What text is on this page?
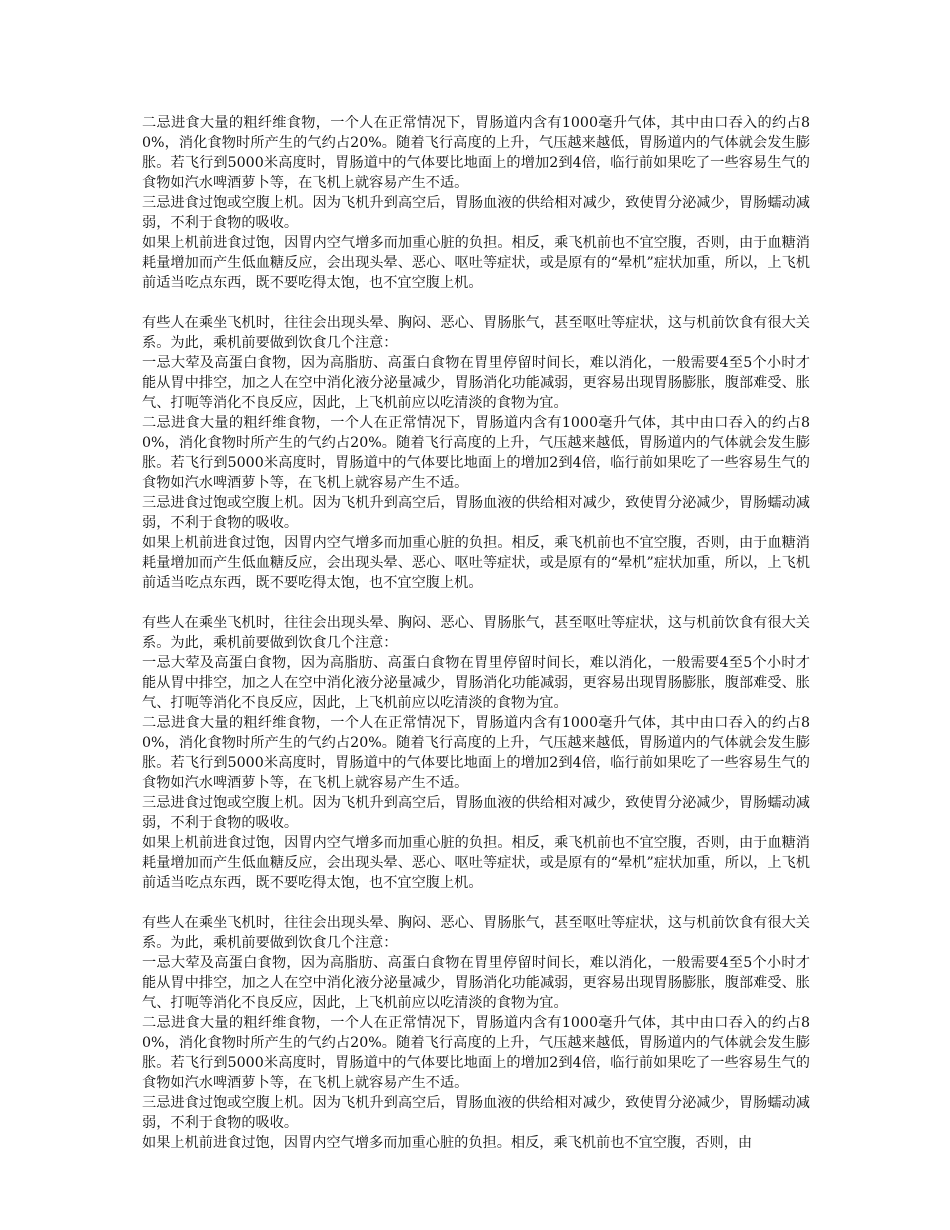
二忌进食大量的粗纤维食物，一个人在正常情况下，胃肠道内含有1000毫升气体，其中由口吞入的约占80%，消化食物时所产生的气约占20%。随着飞行高度的上升，气压越来越低，胃肠道内的气体就会发生膨胀。若飞行到5000米高度时，胃肠道中的气体要比地面上的增加2到4倍，临行前如果吃了一些容易生气的食物如汽水啤酒萝卜等，在飞机上就容易产生不适。

三忌进食过饱或空腹上机。因为飞机升到高空后，胃肠血液的供给相对减少，致使胃分泌减少，胃肠蠕动减弱，不利于食物的吸收。

如果上机前进食过饱，因胃内空气增多而加重心脏的负担。相反，乘飞机前也不宜空腹，否则，由于血糖消耗量增加而产生低血糖反应，会出现头晕、恶心、呕吐等症状，或是原有的“晕机”症状加重，所以，上飞机前适当吃点东西，既不要吃得太饱，也不宜空腹上机。

有些人在乘坐飞机时，往往会出现头晕、胸闷、恶心、胃肠胀气，甚至呕吐等症状，这与机前饮食有很大关系。为此，乘机前要做到饮食几个注意：

一忌大荤及高蛋白食物，因为高脂肪、高蛋白食物在胃里停留时间长，难以消化，一般需要4至5个小时才能从胃中排空，加之人在空中消化液分泌量减少，胃肠消化功能减弱，更容易出现胃肠膨胀，腹部难受、胀气、打呃等消化不良反应，因此，上飞机前应以吃清淡的食物为宜。

二忌进食大量的粗纤维食物，一个人在正常情况下，胃肠道内含有1000毫升气体，其中由口吞入的约占80%，消化食物时所产生的气约占20%。随着飞行高度的上升，气压越来越低，胃肠道内的气体就会发生膨胀。若飞行到5000米高度时，胃肠道中的气体要比地面上的增加2到4倍，临行前如果吃了一些容易生气的食物如汽水啤酒萝卜等，在飞机上就容易产生不适。

三忌进食过饱或空腹上机。因为飞机升到高空后，胃肠血液的供给相对减少，致使胃分泌减少，胃肠蠕动减弱，不利于食物的吸收。

如果上机前进食过饱，因胃内空气增多而加重心脏的负担。相反，乘飞机前也不宜空腹，否则，由于血糖消耗量增加而产生低血糖反应，会出现头晕、恶心、呕吐等症状，或是原有的“晕机”症状加重，所以，上飞机前适当吃点东西，既不要吃得太饱，也不宜空腹上机。

有些人在乘坐飞机时，往往会出现头晕、胸闷、恶心、胃肠胀气，甚至呕吐等症状，这与机前饮食有很大关系。为此，乘机前要做到饮食几个注意：

一忌大荤及高蛋白食物，因为高脂肪、高蛋白食物在胃里停留时间长，难以消化，一般需要4至5个小时才能从胃中排空，加之人在空中消化液分泌量减少，胃肠消化功能减弱，更容易出现胃肠膨胀，腹部难受、胀气、打呃等消化不良反应，因此，上飞机前应以吃清淡的食物为宜。

二忌进食大量的粗纤维食物，一个人在正常情况下，胃肠道内含有1000毫升气体，其中由口吞入的约占80%，消化食物时所产生的气约占20%。随着飞行高度的上升，气压越来越低，胃肠道内的气体就会发生膨胀。若飞行到5000米高度时，胃肠道中的气体要比地面上的增加2到4倍，临行前如果吃了一些容易生气的食物如汽水啤酒萝卜等，在飞机上就容易产生不适。

三忌进食过饱或空腹上机。因为飞机升到高空后，胃肠血液的供给相对减少，致使胃分泌减少，胃肠蠕动减弱，不利于食物的吸收。

如果上机前进食过饱，因胃内空气增多而加重心脏的负担。相反，乘飞机前也不宜空腹，否则，由于血糖消耗量增加而产生低血糖反应，会出现头晕、恶心、呕吐等症状，或是原有的“晕机”症状加重，所以，上飞机前适当吃点东西，既不要吃得太饱，也不宜空腹上机。

有些人在乘坐飞机时，往往会出现头晕、胸闷、恶心、胃肠胀气，甚至呕吐等症状，这与机前饮食有很大关系。为此，乘机前要做到饮食几个注意：

一忌大荤及高蛋白食物，因为高脂肪、高蛋白食物在胃里停留时间长，难以消化，一般需要4至5个小时才能从胃中排空，加之人在空中消化液分泌量减少，胃肠消化功能减弱，更容易出现胃肠膨胀，腹部难受、胀气、打呃等消化不良反应，因此，上飞机前应以吃清淡的食物为宜。

二忌进食大量的粗纤维食物，一个人在正常情况下，胃肠道内含有1000毫升气体，其中由口吞入的约占80%，消化食物时所产生的气约占20%。随着飞行高度的上升，气压越来越低，胃肠道内的气体就会发生膨胀。若飞行到5000米高度时，胃肠道中的气体要比地面上的增加2到4倍，临行前如果吃了一些容易生气的食物如汽水啤酒萝卜等，在飞机上就容易产生不适。

三忌进食过饱或空腹上机。因为飞机升到高空后，胃肠血液的供给相对减少，致使胃分泌减少，胃肠蠕动减弱，不利于食物的吸收。

如果上机前进食过饱，因胃内空气增多而加重心脏的负担。相反，乘飞机前也不宜空腹，否则，由
